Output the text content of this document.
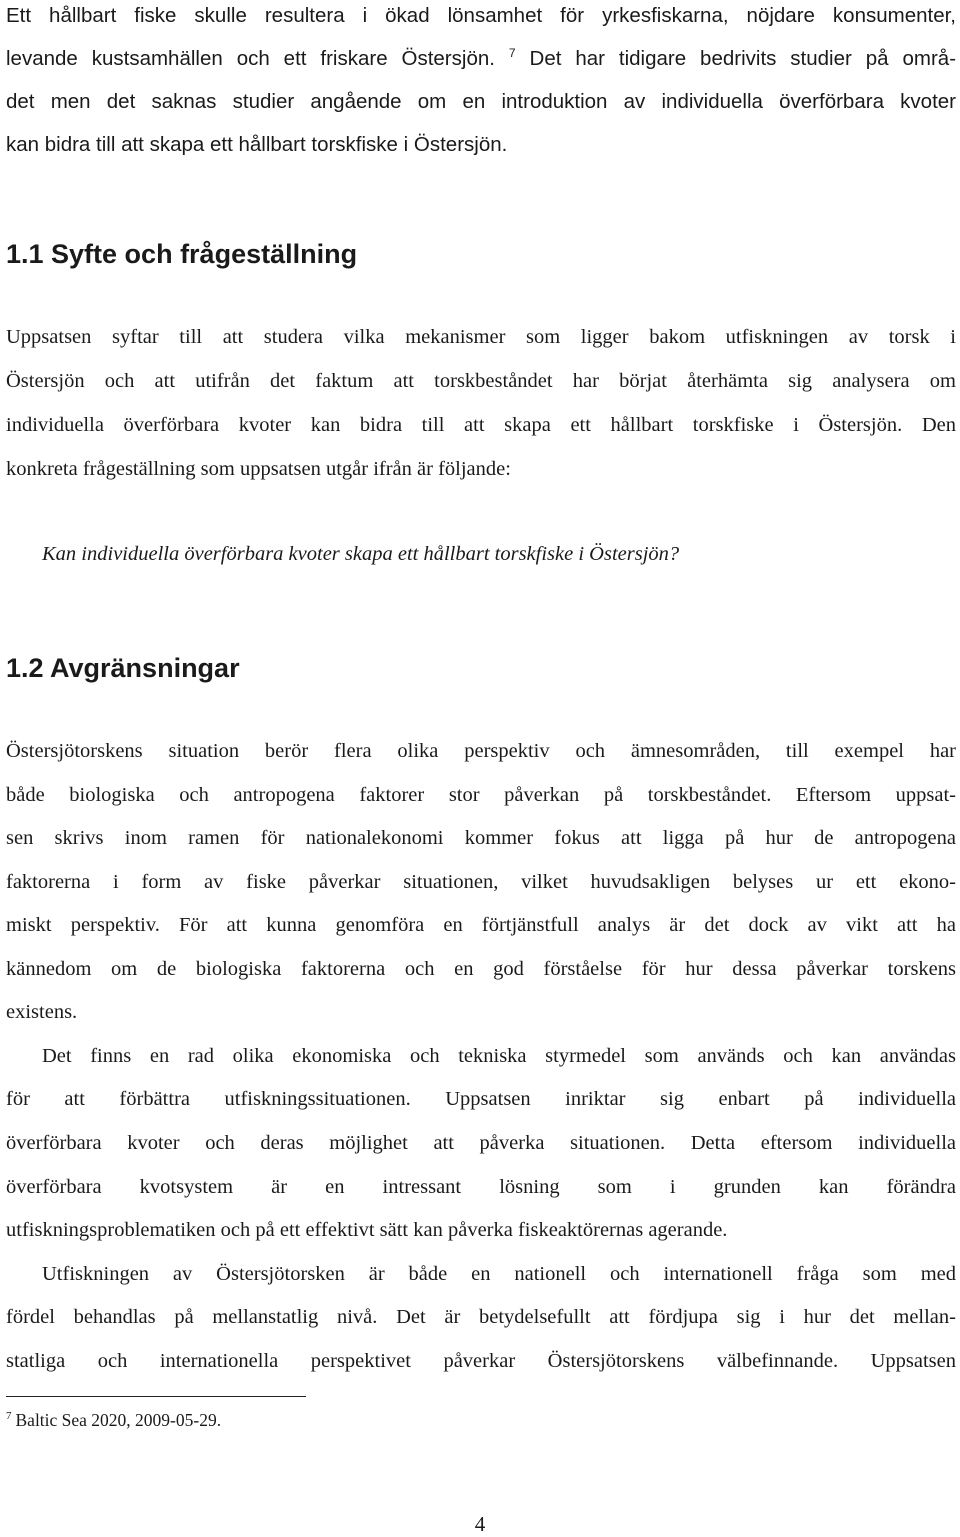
Ett hållbart fiske skulle resultera i ökad lönsamhet för yrkesfiskarna, nöjdare konsumenter,
levande kustsamhällen och ett friskare Östersjön. $^7$ Det har tidigare bedrivits studier på områ-
det men det saknas studier angående om en introduktion av individuella överförbara kvoter
kan bidra till att skapa ett hållbart torskfiske i Östersjön.
1.1 Syfte och frågeställning
Uppsatsen syftar till att studera vilka mekanismer som ligger bakom utfiskningen av torsk i
Östersjön och att utifrån det faktum att torskbeståndet har börjat återhämta sig analysera om
individuella överförbara kvoter kan bidra till att skapa ett hållbart torskfiske i Östersjön. Den
konkreta frågeställning som uppsatsen utgår ifrån är följande:
Kan individuella överförbara kvoter skapa ett hållbart torskfiske i Östersjön?
1.2 Avgränsningar
Östersjötorskens situation berör flera olika perspektiv och ämnesområden, till exempel har
både biologiska och antropogena faktorer stor påverkan på torskbeståndet. Eftersom uppsat-
sen skrivs inom ramen för nationalekonomi kommer fokus att ligga på hur de antropogena
faktorerna i form av fiske påverkar situationen, vilket huvudsakligen belyses ur ett ekono-
miskt perspektiv. För att kunna genomföra en förtjänstfull analys är det dock av vikt att ha
kännedom om de biologiska faktorerna och en god förståelse för hur dessa påverkar torskens
existens.
Det finns en rad olika ekonomiska och tekniska styrmedel som används och kan användas
för att förbättra utfiskningssituationen. Uppsatsen inriktar sig enbart på individuella
överförbara kvoter och deras möjlighet att påverka situationen. Detta eftersom individuella
överförbara kvotsystem är en intressant lösning som i grunden kan förändra
utfiskningsproblematiken och på ett effektivt sätt kan påverka fiskeaktörernas agerande.
Utfiskningen av Östersjötorsken är både en nationell och internationell fråga som med
fördel behandlas på mellanstatlig nivå. Det är betydelsefullt att fördjupa sig i hur det mellan-
statliga och internationella perspektivet påverkar Östersjötorskens välbefinnande. Uppsatsen
$^7$ Baltic Sea 2020, 2009-05-29.
4
